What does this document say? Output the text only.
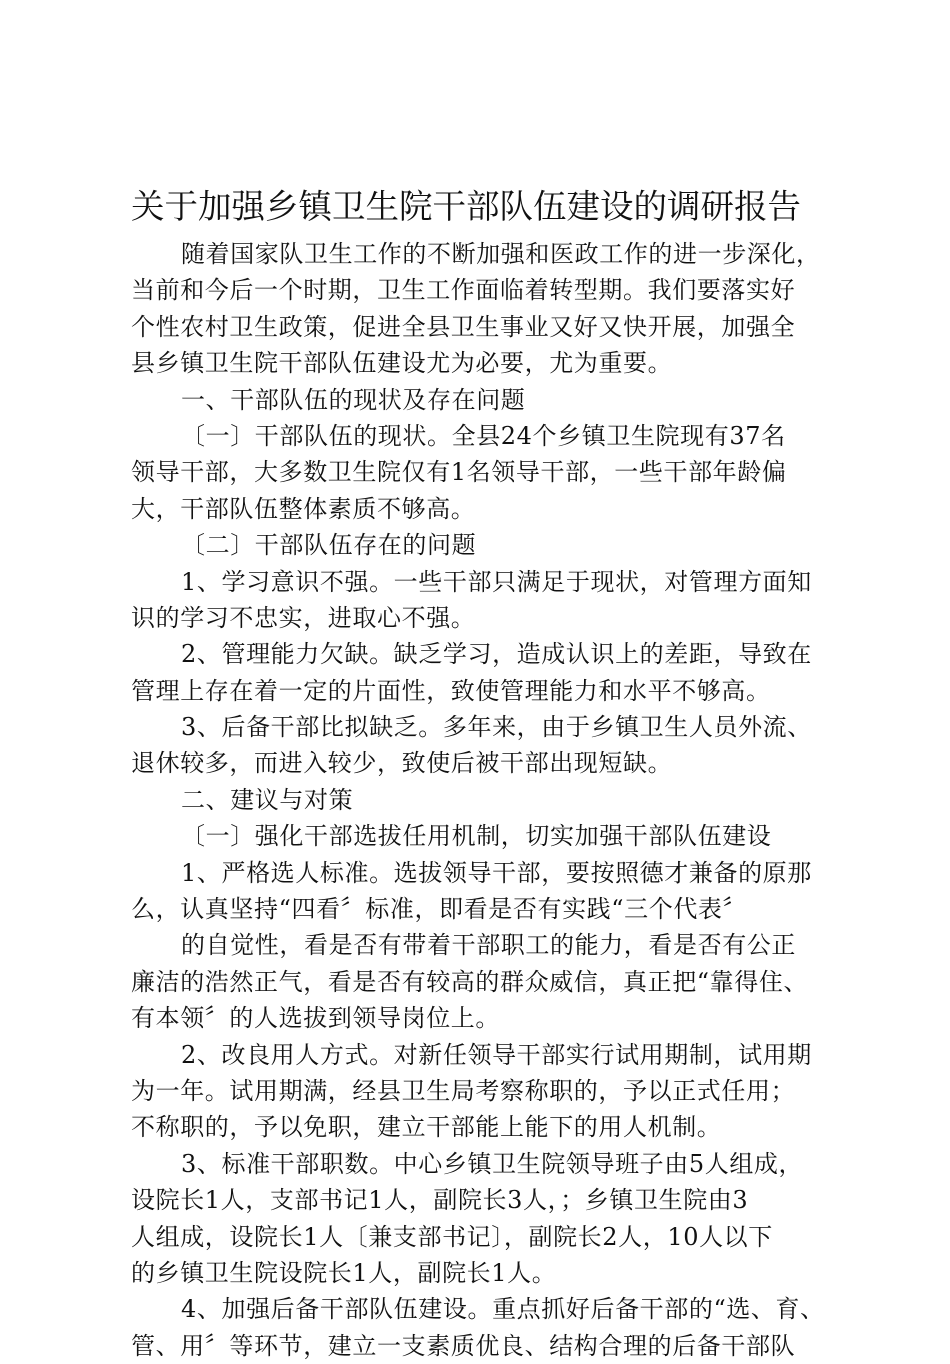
关于加强乡镇卫生院干部队伍建设的调研报告
随着国家队卫生工作的不断加强和医政工作的进一步深化，
当前和今后一个时期，卫生工作面临着转型期。我们要落实好
个性农村卫生政策，促进全县卫生事业又好又快开展，加强全
县乡镇卫生院干部队伍建设尤为必要，尤为重要。
一、干部队伍的现状及存在问题
〔一〕干部队伍的现状。全县24个乡镇卫生院现有37名
领导干部，大多数卫生院仅有1名领导干部，一些干部年龄偏
大，干部队伍整体素质不够高。
〔二〕干部队伍存在的问题
1、学习意识不强。一些干部只满足于现状，对管理方面知
识的学习不忠实，进取心不强。
2、管理能力欠缺。缺乏学习，造成认识上的差距，导致在
管理上存在着一定的片面性，致使管理能力和水平不够高。
3、后备干部比拟缺乏。多年来，由于乡镇卫生人员外流、
退休较多，而进入较少，致使后被干部出现短缺。
二、建议与对策
〔一〕强化干部选拔任用机制，切实加强干部队伍建设
1、严格选人标准。选拔领导干部，要按照德才兼备的原那
么，认真坚持“四看〞标准，即看是否有实践“三个代表〞
的自觉性，看是否有带着干部职工的能力，看是否有公正
廉洁的浩然正气，看是否有较高的群众威信，真正把“靠得住、
有本领〞的人选拔到领导岗位上。
2、改良用人方式。对新任领导干部实行试用期制，试用期
为一年。试用期满，经县卫生局考察称职的，予以正式任用；
不称职的，予以免职，建立干部能上能下的用人机制。
3、标准干部职数。中心乡镇卫生院领导班子由5人组成，
设院长1人，支部书记1人，副院长3人，；乡镇卫生院由3
人组成，设院长1人〔兼支部书记〕，副院长2人，10人以下
的乡镇卫生院设院长1人，副院长1人。
4、加强后备干部队伍建设。重点抓好后备干部的“选、育、
管、用〞等环节，建立一支素质优良、结构合理的后备干部队
